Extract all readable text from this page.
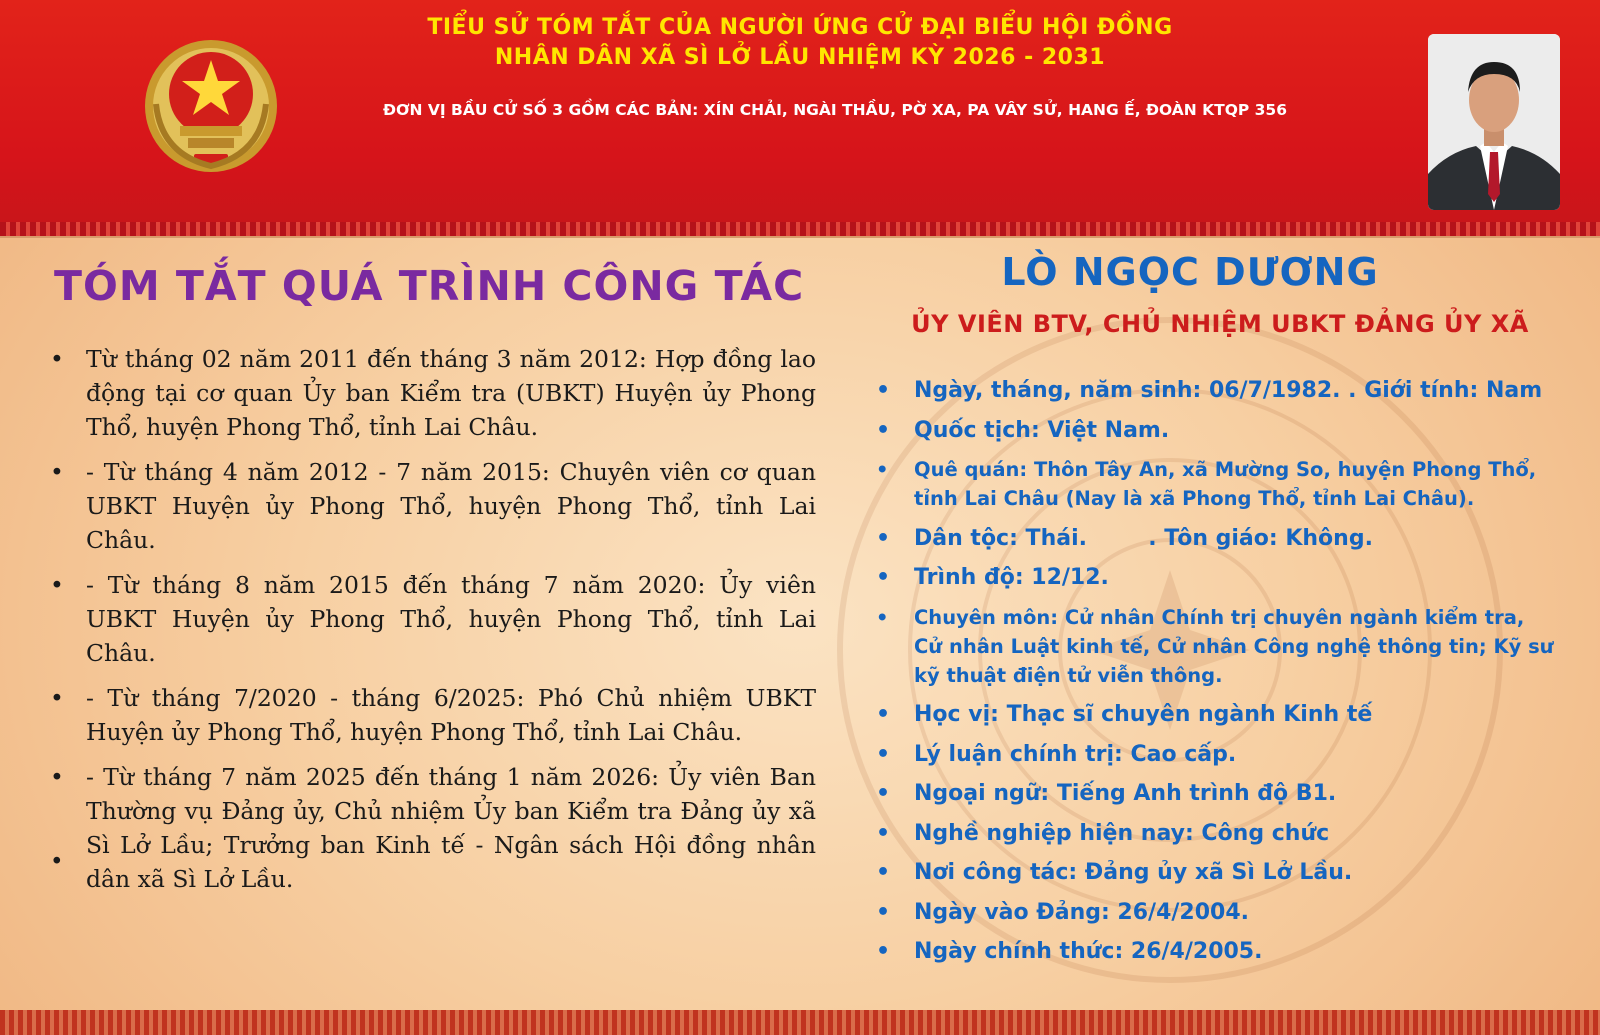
TIỂU SỬ TÓM TẮT CỦA NGƯỜI ỨNG CỬ ĐẠI BIỂU HỘI ĐỒNG
NHÂN DÂN XÃ SÌ LỞ LẦU NHIỆM KỲ 2026 - 2031
ĐƠN VỊ BẦU CỬ SỐ 3 GỒM CÁC BẢN: XÍN CHẢI, NGÀI THẦU, PỜ XA, PA VÂY SỬ, HANG Ế, ĐOÀN KTQP 356
TÓM TẮT QUÁ TRÌNH CÔNG TÁC
• Từ tháng 02 năm 2011 đến tháng 3 năm 2012: Hợp đồng lao động tại cơ quan Ủy ban Kiểm tra (UBKT) Huyện ủy Phong Thổ, huyện Phong Thổ, tỉnh Lai Châu.
• - Từ tháng 4 năm 2012 - 7 năm 2015: Chuyên viên cơ quan UBKT Huyện ủy Phong Thổ, huyện Phong Thổ, tỉnh Lai Châu.
• - Từ tháng 8 năm 2015 đến tháng 7 năm 2020: Ủy viên UBKT Huyện ủy Phong Thổ, huyện Phong Thổ, tỉnh Lai Châu.
• - Từ tháng 7/2020 - tháng 6/2025: Phó Chủ nhiệm UBKT Huyện ủy Phong Thổ, huyện Phong Thổ, tỉnh Lai Châu.
• - Từ tháng 7 năm 2025 đến tháng 1 năm 2026: Ủy viên Ban Thường vụ Đảng ủy, Chủ nhiệm Ủy ban Kiểm tra Đảng ủy xã Sì Lở Lầu; Trưởng ban Kinh tế - Ngân sách Hội đồng nhân dân xã Sì Lở Lầu.
•
LÒ NGỌC DƯƠNG
ỦY VIÊN BTV, CHỦ NHIỆM UBKT ĐẢNG ỦY XÃ
• Ngày, tháng, năm sinh: 06/7/1982. . Giới tính: Nam
• Quốc tịch: Việt Nam.
• Quê quán: Thôn Tây An, xã Mường So, huyện Phong Thổ, tỉnh Lai Châu (Nay là xã Phong Thổ, tỉnh Lai Châu).
• Dân tộc: Thái.        . Tôn giáo: Không.
• Trình độ: 12/12.
• Chuyên môn: Cử nhân Chính trị chuyên ngành kiểm tra, Cử nhân Luật kinh tế, Cử nhân Công nghệ thông tin; Kỹ sư kỹ thuật điện tử viễn thông.
• Học vị: Thạc sĩ chuyên ngành Kinh tế
• Lý luận chính trị: Cao cấp.
• Ngoại ngữ: Tiếng Anh trình độ B1.
• Nghề nghiệp hiện nay: Công chức
• Nơi công tác: Đảng ủy xã Sì Lở Lầu.
• Ngày vào Đảng: 26/4/2004.
• Ngày chính thức: 26/4/2005.
